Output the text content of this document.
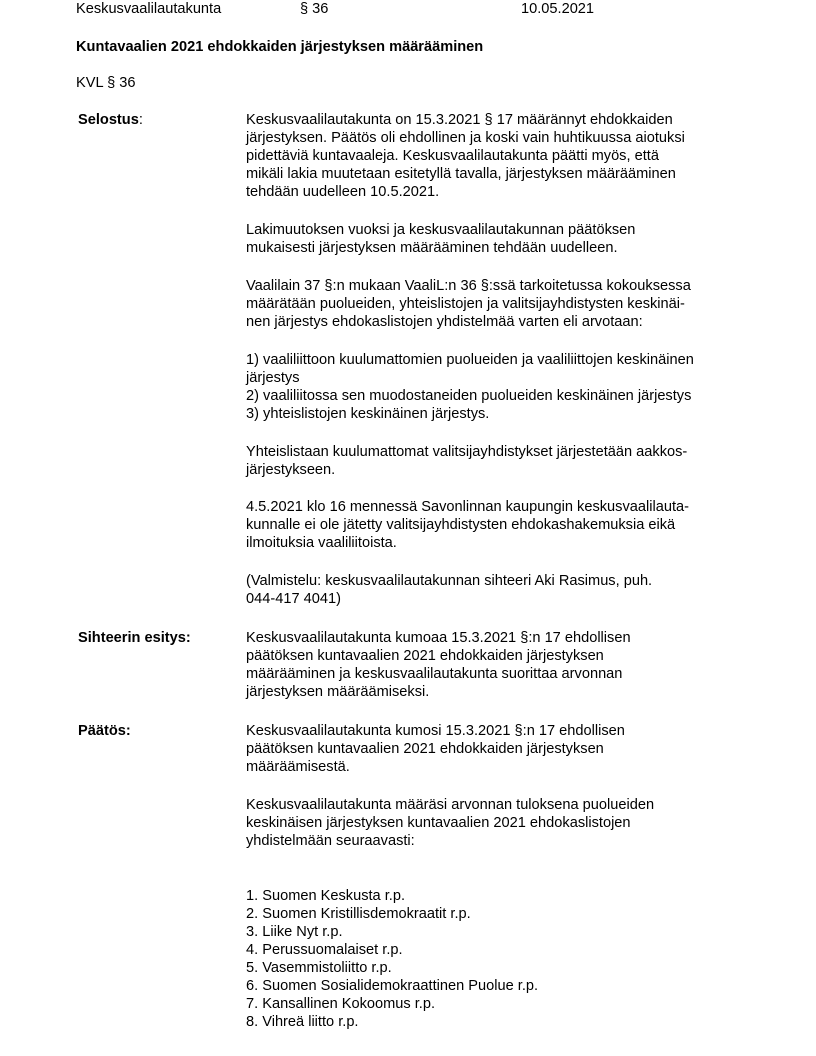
Keskusvaalilautakunta	§ 36	10.05.2021
Kuntavaalien 2021 ehdokkaiden järjestyksen määrääminen
KVL § 36
Selostus:	Keskusvaalilautakunta on 15.3.2021 § 17 määrännyt ehdokkaiden
järjestyksen. Päätös oli ehdollinen ja koski vain huhtikuussa aiotuksi
pidettäviä kuntavaaleja. Keskusvaalilautakunta päätti myös, että
mikäli lakia muutetaan esitetyllä tavalla, järjestyksen määrääminen
tehdään uudelleen 10.5.2021.
Lakimuutoksen vuoksi ja keskusvaalilautakunnan päätöksen
mukaisesti järjestyksen määrääminen tehdään uudelleen.
Vaalilain 37 §:n mukaan VaaliL:n 36 §:ssä tarkoitetussa kokouksessa
määrätään puolueiden, yhteislistojen ja valitsijayhdistysten keskinäi-
nen järjestys ehdokaslistojen yhdistelmää varten eli arvotaan:
1) vaaliliittoon kuulumattomien puolueiden ja vaaliliittojen keskinäinen
järjestys
2) vaaliliitossa sen muodostaneiden puolueiden keskinäinen järjestys
3) yhteislistojen keskinäinen järjestys.
Yhteislistaan kuulumattomat valitsijayhdistykset järjestetään aakkos-
järjestykseen.
4.5.2021 klo 16 mennessä Savonlinnan kaupungin keskusvaalilauta-
kunnalle ei ole jätetty valitsijayhdistysten ehdokashakemuksia eikä
ilmoituksia vaaliliitoista.
(Valmistelu: keskusvaalilautakunnan sihteeri Aki Rasimus, puh.
044-417 4041)
Sihteerin esitys:	Keskusvaalilautakunta kumoaa 15.3.2021 §:n 17 ehdollisen
päätöksen kuntavaalien 2021 ehdokkaiden järjestyksen
määrääminen ja keskusvaalilautakunta suorittaa arvonnan
järjestyksen määräämiseksi.
Päätös:	Keskusvaalilautakunta kumosi 15.3.2021 §:n 17 ehdollisen
päätöksen kuntavaalien 2021 ehdokkaiden järjestyksen
määräämisestä.
Keskusvaalilautakunta määräsi arvonnan tuloksena puolueiden
keskinäisen järjestyksen kuntavaalien 2021 ehdokaslistojen
yhdistelmään seuraavasti:
1. Suomen Keskusta r.p.
2. Suomen Kristillisdemokraatit r.p.
3. Liike Nyt r.p.
4. Perussuomalaiset r.p.
5. Vasemmistoliitto r.p.
6. Suomen Sosialidemokraattinen Puolue r.p.
7. Kansallinen Kokoomus r.p.
8. Vihreä liitto r.p.
